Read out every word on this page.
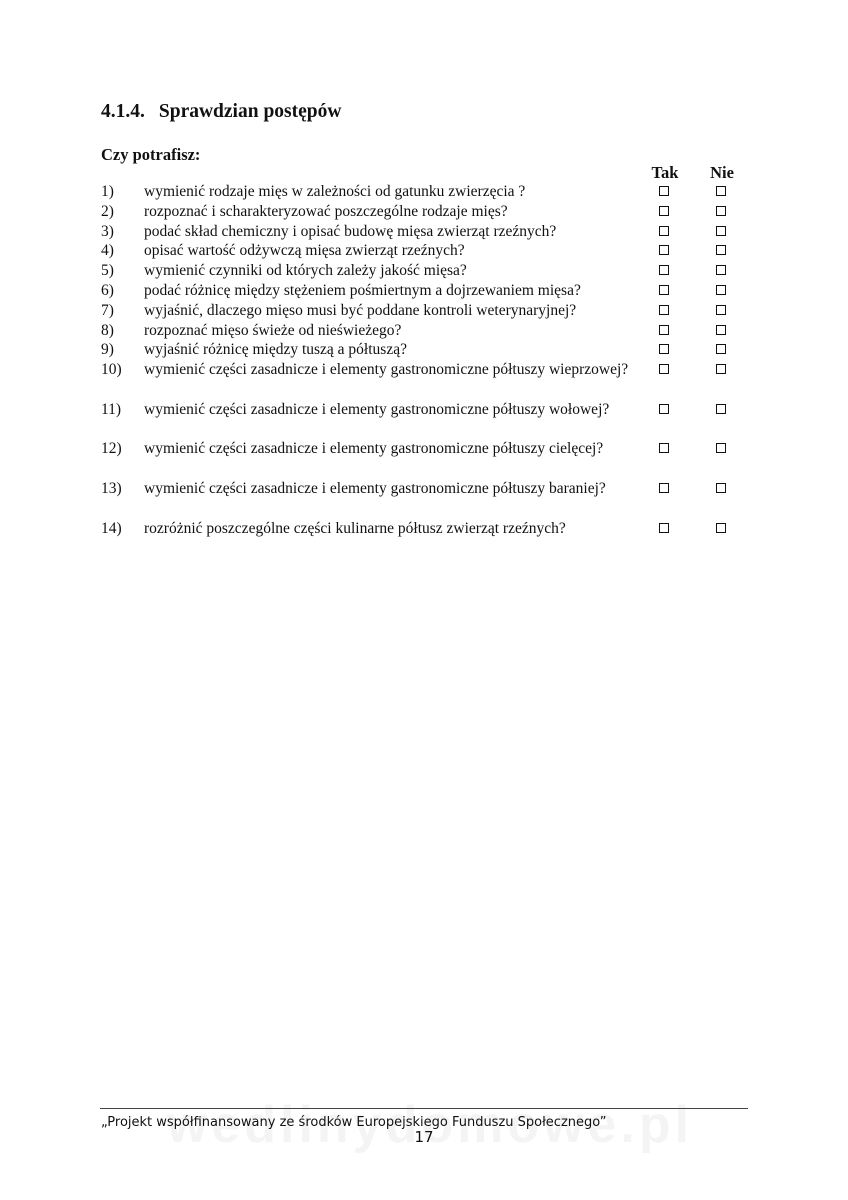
4.1.4. Sprawdzian postępów
Czy potrafisz:
Tak	Nie
1)	wymienić rodzaje mięs w zależności od gatunku zwierzęcia ?
2)	rozpoznać i scharakteryzować poszczególne rodzaje mięs?
3)	podać skład chemiczny i opisać budowę mięsa zwierząt rzeźnych?
4)	opisać wartość odżywczą mięsa zwierząt rzeźnych?
5)	wymienić czynniki od których zależy jakość mięsa?
6)	podać różnicę między stężeniem pośmiertnym a dojrzewaniem mięsa?
7)	wyjaśnić, dlaczego mięso musi być poddane kontroli weterynaryjnej?
8)	rozpoznać mięso świeże od nieświeżego?
9)	wyjaśnić różnicę między tuszą a półtuszą?
10)	wymienić części zasadnicze i elementy gastronomiczne półtuszy wieprzowej?
11)	wymienić części zasadnicze i elementy gastronomiczne półtuszy wołowej?
12)	wymienić części zasadnicze i elementy gastronomiczne półtuszy cielęcej?
13)	wymienić części zasadnicze i elementy gastronomiczne półtuszy baraniej?
14)	rozróżnić poszczególne części kulinarne półtusz zwierząt rzeźnych?
„Projekt współfinansowany ze środków Europejskiego Funduszu Społecznego”
17
